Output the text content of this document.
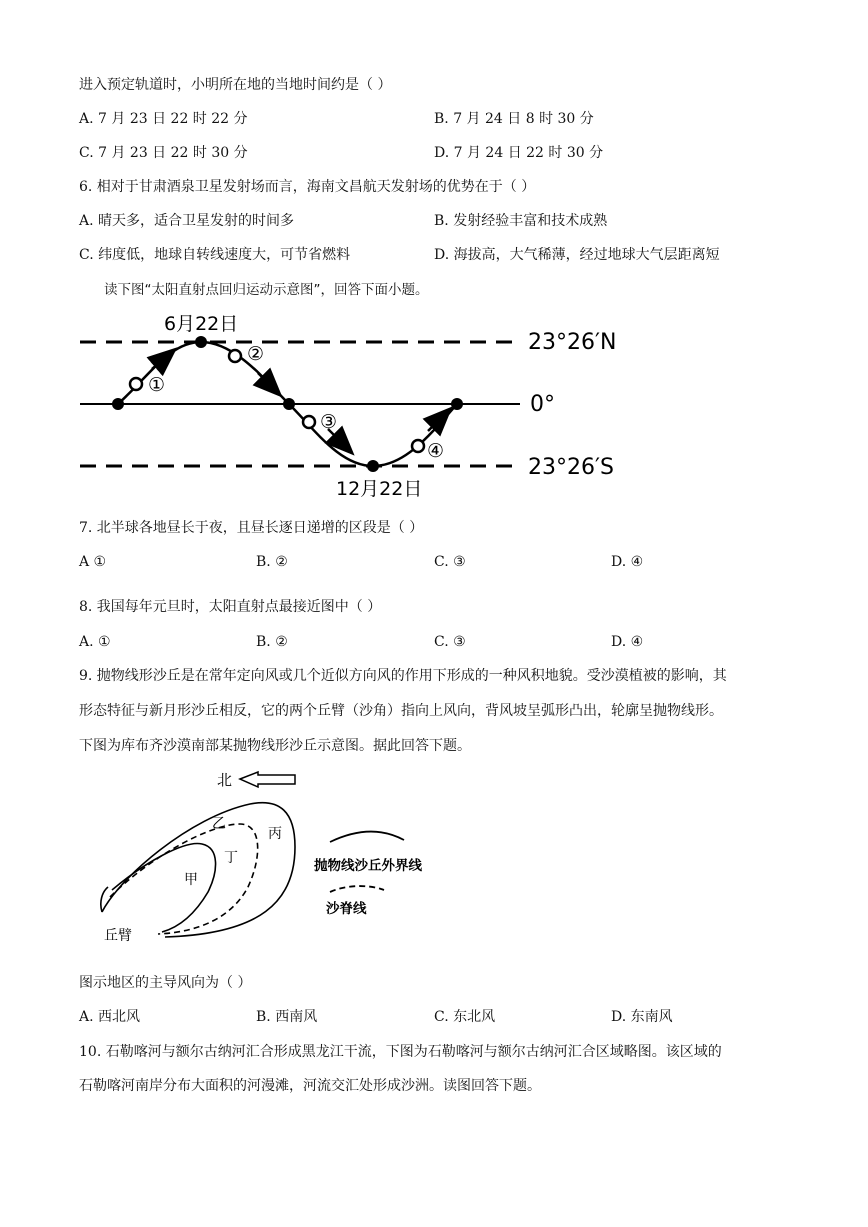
进入预定轨道时，小明所在地的当地时间约是（ ）
A. 7 月 23 日 22 时 22 分	B. 7 月 24 日 8 时 30 分
C. 7 月 23 日 22 时 30 分	D. 7 月 24 日 22 时 30 分
6. 相对于甘肃酒泉卫星发射场而言，海南文昌航天发射场的优势在于（ ）
A. 晴天多，适合卫星发射的时间多	B. 发射经验丰富和技术成熟
C. 纬度低，地球自转线速度大，可节省燃料	D. 海拔高，大气稀薄，经过地球大气层距离短
读下图“太阳直射点回归运动示意图”，回答下面小题。
①
②
③
④
6月22日
12月22日
23°26′N
0°
23°26′S
7. 北半球各地昼长于夜，且昼长逐日递增的区段是（ ）
A ①	B. ②	C. ③	D. ④
8. 我国每年元旦时，太阳直射点最接近图中（ ）
A. ①	B. ②	C. ③	D. ④
9. 抛物线形沙丘是在常年定向风或几个近似方向风的作用下形成的一种风积地貌。受沙漠植被的影响，其
形态特征与新月形沙丘相反，它的两个丘臂（沙角）指向上风向，背风坡呈弧形凸出，轮廓呈抛物线形。
下图为库布齐沙漠南部某抛物线形沙丘示意图。据此回答下题。
北
乙
丙
丁
甲
丘臂
抛物线沙丘外界线
沙脊线
图示地区的主导风向为（ ）
A. 西北风	B. 西南风	C. 东北风	D. 东南风
10. 石勒喀河与额尔古纳河汇合形成黑龙江干流，下图为石勒喀河与额尔古纳河汇合区域略图。该区域的
石勒喀河南岸分布大面积的河漫滩，河流交汇处形成沙洲。读图回答下题。
